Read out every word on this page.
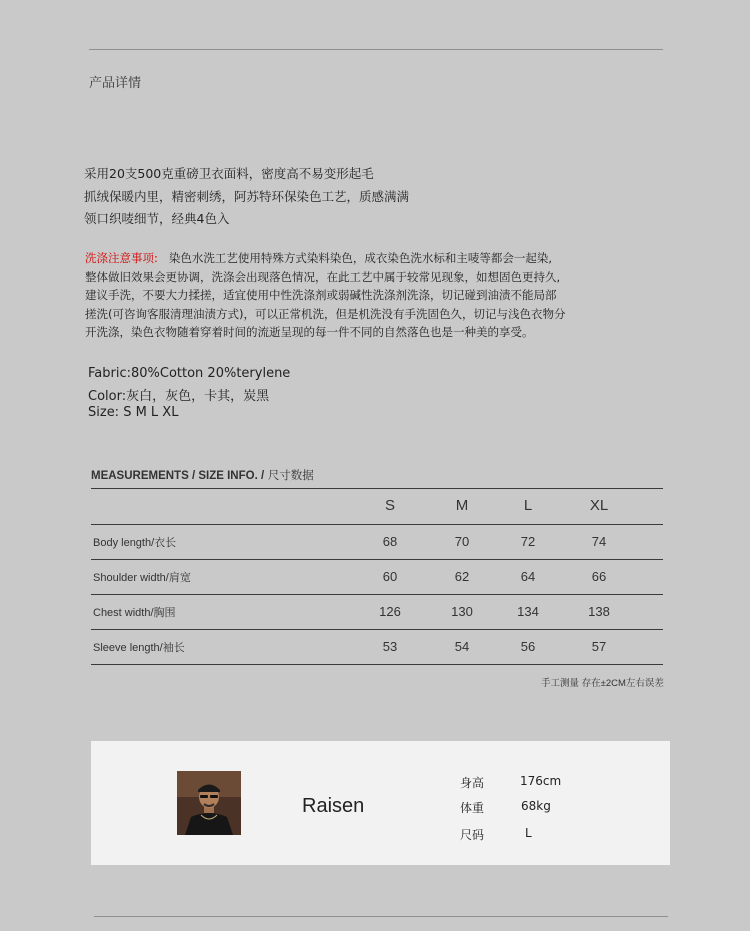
产品详情
采用20支500克重磅卫衣面料，密度高不易变形起毛
抓绒保暖内里，精密刺绣，阿苏特环保染色工艺，质感满满
领口织唛细节，经典4色入
洗涤注意事项: 染色水洗工艺使用特殊方式染料染色，成衣染色洗水标和主唛等都会一起染,
整体做旧效果会更协调，洗涤会出现落色情况，在此工艺中属于较常见现象，如想固色更持久,
建议手洗，不要大力揉搓，适宜使用中性洗涤剂或弱碱性洗涤剂洗涤，切记碰到油渍不能局部
搓洗(可咨询客服清理油渍方式)，可以正常机洗，但是机洗没有手洗固色久，切记与浅色衣物分
开洗涤，染色衣物随着穿着时间的流逝呈现的每一件不同的自然落色也是一种美的享受。
Fabric:80%Cotton 20%terylene
Color:灰白，灰色，卡其，炭黑
Size: S M L XL
MEASUREMENTS / SIZE INFO. / 尺寸数据
	S	M	L	XL	
Body length/衣长	68	70	72	74	
Shoulder width/肩宽	60	62	64	66	
Chest width/胸围	126	130	134	138	
Sleeve length/袖长	53	54	56	57	
手工测量 存在±2CM左右误差
Raisen
身高	176cm
体重	68kg
尺码	L
